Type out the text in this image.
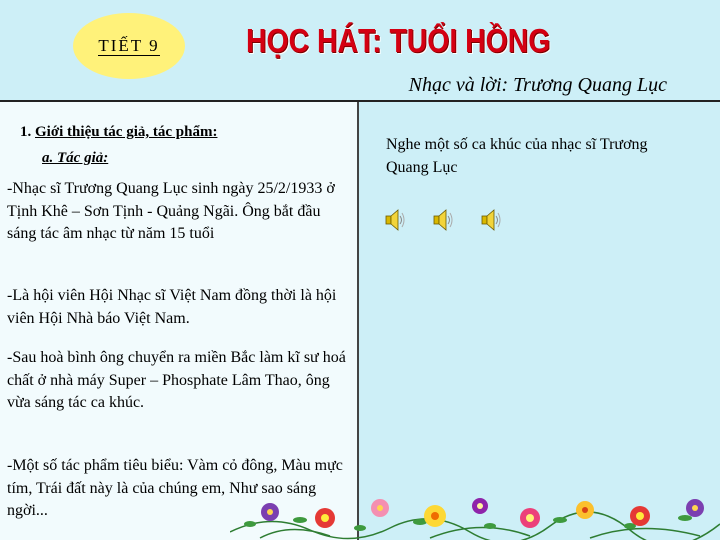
TIẾT 9	HỌC HÁT: TUỔI HỒNG
Nhạc và lời: Trương Quang Lục
1. Giới thiệu tác giả, tác phẩm:
a. Tác giả:
-Nhạc sĩ Trương Quang Lục sinh ngày 25/2/1933 ở Tịnh Khê – Sơn Tịnh - Quảng Ngãi. Ông bắt đầu sáng tác âm nhạc từ năm 15 tuổi
-Là hội viên Hội Nhạc sĩ Việt Nam đồng thời là hội viên Hội Nhà báo Việt Nam.
-Sau hoà bình ông chuyển ra miền Bắc làm kĩ sư hoá chất ở nhà máy Super – Phosphate Lâm Thao, ông vừa sáng tác ca khúc.
-Một số tác phẩm tiêu biểu: Vàm cỏ đông, Màu mực tím, Trái đất này là của chúng em, Như sao sáng ngời...
Nghe một số ca khúc của nhạc sĩ Trương Quang Lục
